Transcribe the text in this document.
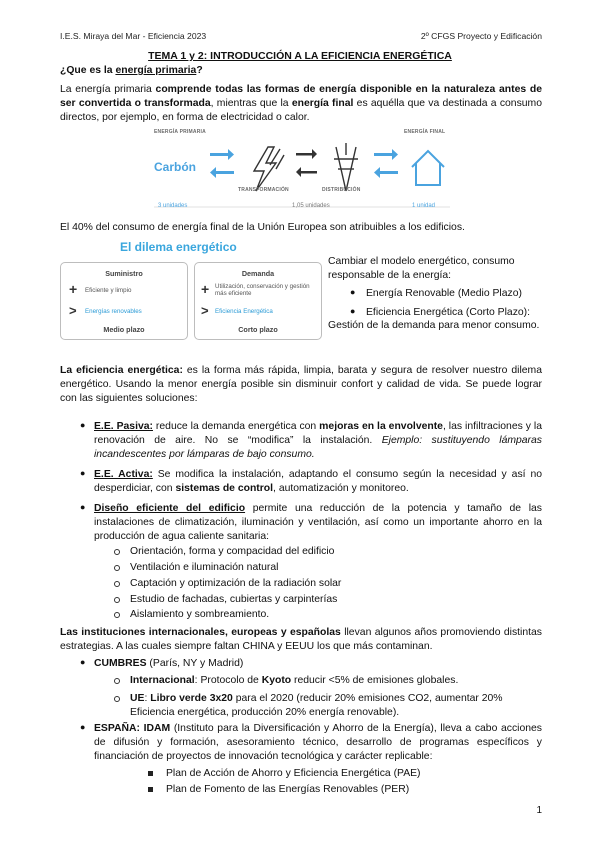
I.E.S. Miraya del Mar - Eficiencia 2023	2º CFGS Proyecto y Edificación
TEMA 1 y 2: INTRODUCCIÓN A LA EFICIENCIA ENERGÉTICA
¿Que es la energía primaria?
La energía primaria comprende todas las formas de energía disponible en la naturaleza antes de ser convertida o transformada, mientras que la energía final es aquélla que va destinada a consumo directos, por ejemplo, en forma de electricidad o calor.
ENERGÍA PRIMARIA
Carbón
TRANSFORMACIÓN	DISTRIBUCIÓN
ENERGÍA FINAL
3 unidades	1,05 unidades	1 unidad
El 40% del consumo de energía final de la Unión Europea son atribuibles a los edificios.
El dilema energético
Suministro
+ Eficiente y limpio
> Energías renovables
Medio plazo
Demanda
+ Utilización, conservación y gestión más eficiente
> Eficiencia Energética
Corto plazo
Cambiar el modelo energético, consumo responsable de la energía:
● Energía Renovable (Medio Plazo)
● Eficiencia Energética (Corto Plazo):
Gestión de la demanda para menor consumo.
La eficiencia energética: es la forma más rápida, limpia, barata y segura de resolver nuestro dilema energético. Usando la menor energía posible sin disminuir confort y calidad de vida. Se puede lograr con las siguientes soluciones:
● E.E. Pasiva: reduce la demanda energética con mejoras en la envolvente, las infiltraciones y la renovación de aire. No se “modifica” la instalación. Ejemplo: sustituyendo lámparas incandescentes por lámparas de bajo consumo.
● E.E. Activa: Se modifica la instalación, adaptando el consumo según la necesidad y así no desperdiciar, con sistemas de control, automatización y monitoreo.
● Diseño eficiente del edificio permite una reducción de la potencia y tamaño de las instalaciones de climatización, iluminación y ventilación, así como un importante ahorro en la producción de agua caliente sanitaria:
Orientación, forma y compacidad del edificio
Ventilación e iluminación natural
Captación y optimización de la radiación solar
Estudio de fachadas, cubiertas y carpinterías
Aislamiento y sombreamiento.
Las instituciones internacionales, europeas y españolas llevan algunos años promoviendo distintas estrategias. A las cuales siempre faltan CHINA y EEUU los que más contaminan.
● CUMBRES (París, NY y Madrid)
Internacional: Protocolo de Kyoto reducir <5% de emisiones globales.
UE: Libro verde 3x20 para el 2020 (reducir 20% emisiones CO2, aumentar 20% Eficiencia energética, producción 20% energía renovable).
● ESPAÑA: IDAM (Instituto para la Diversificación y Ahorro de la Energía), lleva a cabo acciones de difusión y formación, asesoramiento técnico, desarrollo de programas específicos y financiación de proyectos de innovación tecnológica y carácter replicable:
Plan de Acción de Ahorro y Eficiencia Energética (PAE)
Plan de Fomento de las Energías Renovables (PER)
1
